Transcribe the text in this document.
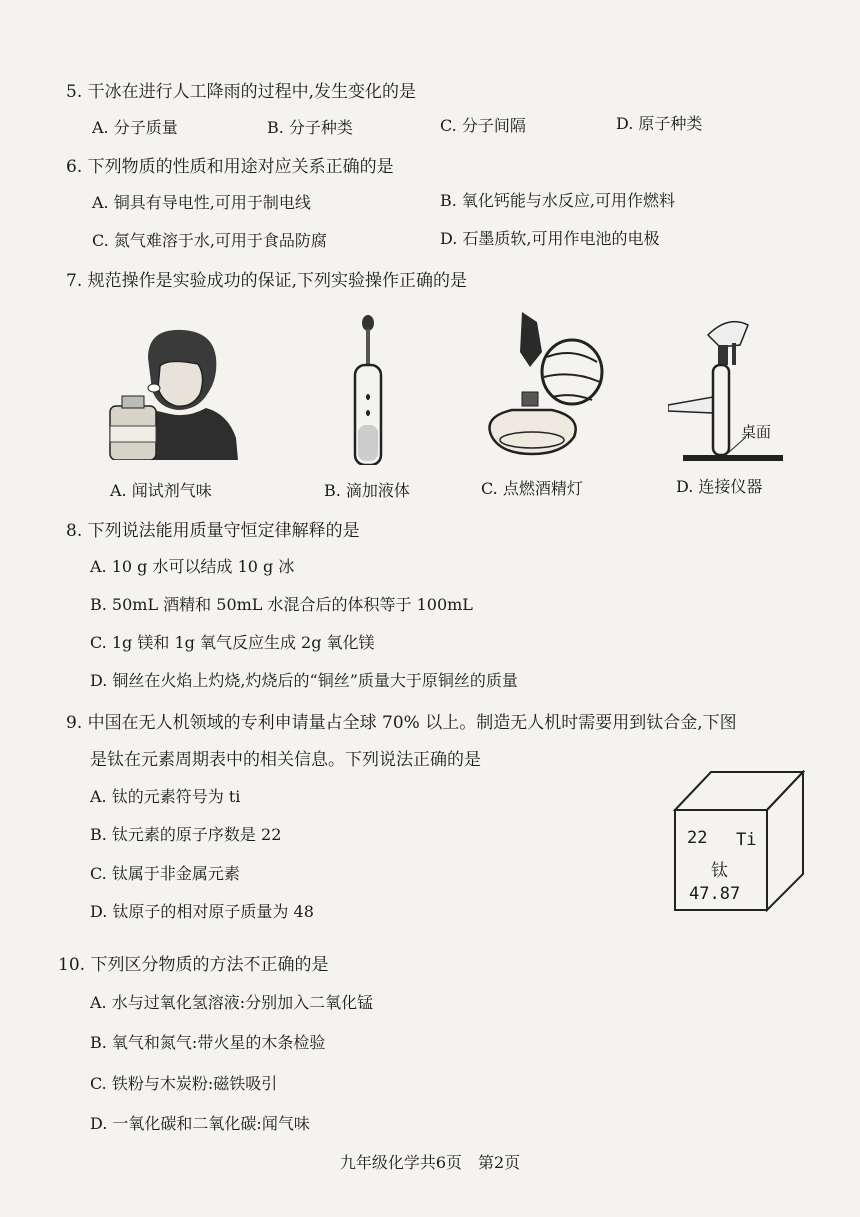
5. 干冰在进行人工降雨的过程中,发生变化的是
A. 分子质量	B. 分子种类	C. 分子间隔	D. 原子种类
6. 下列物质的性质和用途对应关系正确的是
A. 铜具有导电性,可用于制电线	B. 氧化钙能与水反应,可用作燃料
C. 氮气难溶于水,可用于食品防腐	D. 石墨质软,可用作电池的电极
7. 规范操作是实验成功的保证,下列实验操作正确的是
A. 闻试剂气味	B. 滴加液体	C. 点燃酒精灯
桌面
D. 连接仪器
8. 下列说法能用质量守恒定律解释的是
A. 10 g 水可以结成 10 g 冰
B. 50mL 酒精和 50mL 水混合后的体积等于 100mL
C. 1g 镁和 1g 氧气反应生成 2g 氧化镁
D. 铜丝在火焰上灼烧,灼烧后的“铜丝”质量大于原铜丝的质量
9. 中国在无人机领域的专利申请量占全球 70% 以上。制造无人机时需要用到钛合金,下图
是钛在元素周期表中的相关信息。下列说法正确的是
A. 钛的元素符号为 ti
B. 钛元素的原子序数是 22
C. 钛属于非金属元素
D. 钛原子的相对原子质量为 48
22 Ti
钛
47.87
10. 下列区分物质的方法不正确的是
A. 水与过氧化氢溶液:分别加入二氧化锰
B. 氧气和氮气:带火星的木条检验
C. 铁粉与木炭粉:磁铁吸引
D. 一氧化碳和二氧化碳:闻气味
九年级化学共6页　第2页
